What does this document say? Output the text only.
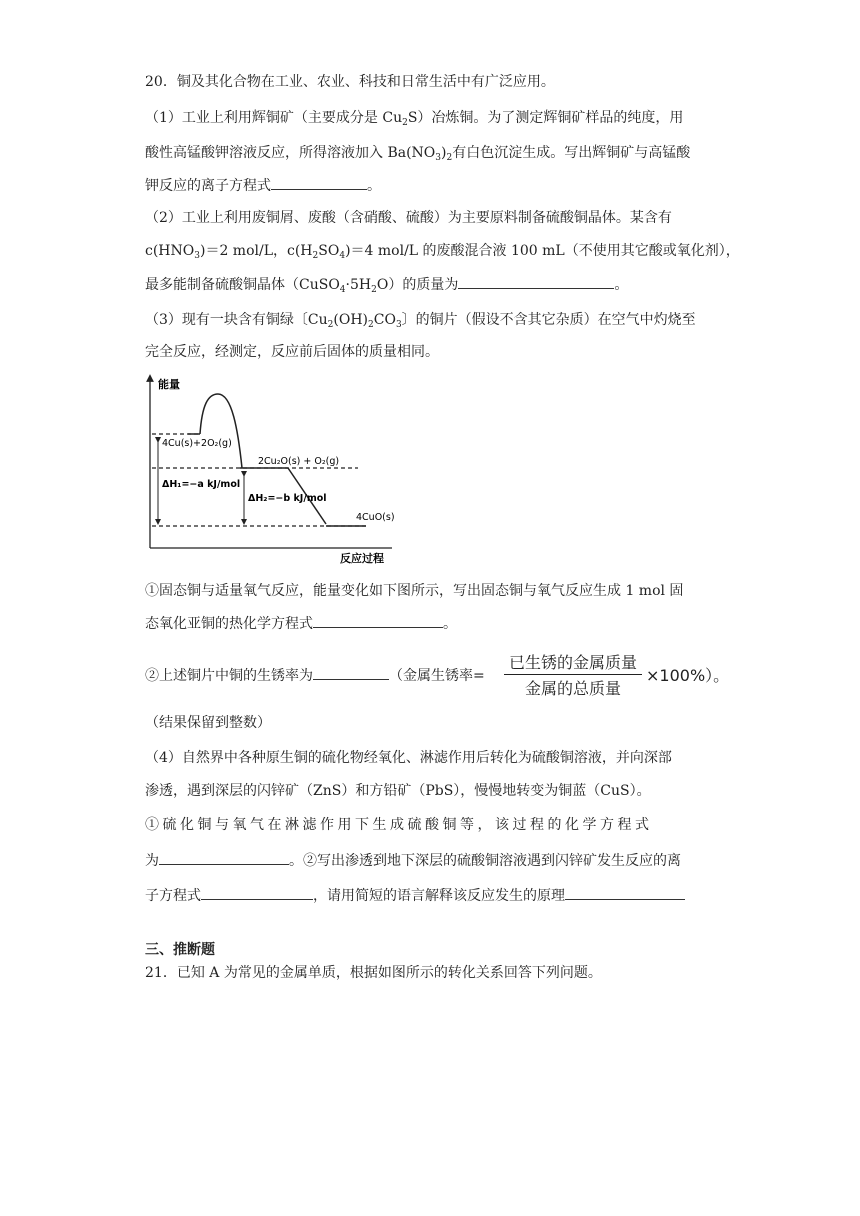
20．铜及其化合物在工业、农业、科技和日常生活中有广泛应用。
（1）工业上利用辉铜矿（主要成分是 $Cu_2S$）冶炼铜。为了测定辉铜矿样品的纯度，用
酸性高锰酸钾溶液反应，所得溶液加入 $Ba(NO_3)_2$有白色沉淀生成。写出辉铜矿与高锰酸
钾反应的离子方程式	。
（2）工业上利用废铜屑、废酸（含硝酸、硫酸）为主要原料制备硫酸铜晶体。某含有
$c(HNO_3)=2$ mol/L，$c(H_2SO_4)=4$ mol/L 的废酸混合液 100 mL（不使用其它酸或氧化剂），
最多能制备硫酸铜晶体$(CuSO_4\cdot 5H_2O)$的质量为	。
（3）现有一块含有铜绿〔$Cu_2(OH)_2CO_3$〕的铜片（假设不含其它杂质）在空气中灼烧至
完全反应，经测定，反应前后固体的质量相同。
能量
反应过程
4Cu(s)+2O₂(g)
2Cu₂O(s) + O₂(g)
4CuO(s)
ΔH₁=−a kJ/mol
ΔH₂=−b kJ/mol
①固态铜与适量氧气反应，能量变化如下图所示，写出固态铜与氧气反应生成 1 mol 固
态氧化亚铜的热化学方程式	。
②上述铜片中铜的生锈率为	（金属生锈率=
已生锈的金属质量
金属的总质量
×100%）。
（结果保留到整数）
（4）自然界中各种原生铜的硫化物经氧化、淋滤作用后转化为硫酸铜溶液，并向深部
渗透，遇到深层的闪锌矿（ZnS）和方铅矿（PbS），慢慢地转变为铜蓝（CuS）。
①硫化铜与氧气在淋滤作用下生成硫酸铜等，该过程的化学方程式
为	。②写出渗透到地下深层的硫酸铜溶液遇到闪锌矿发生反应的离
子方程式	，请用简短的语言解释该反应发生的原理
三、推断题
21．已知 A 为常见的金属单质，根据如图所示的转化关系回答下列问题。
